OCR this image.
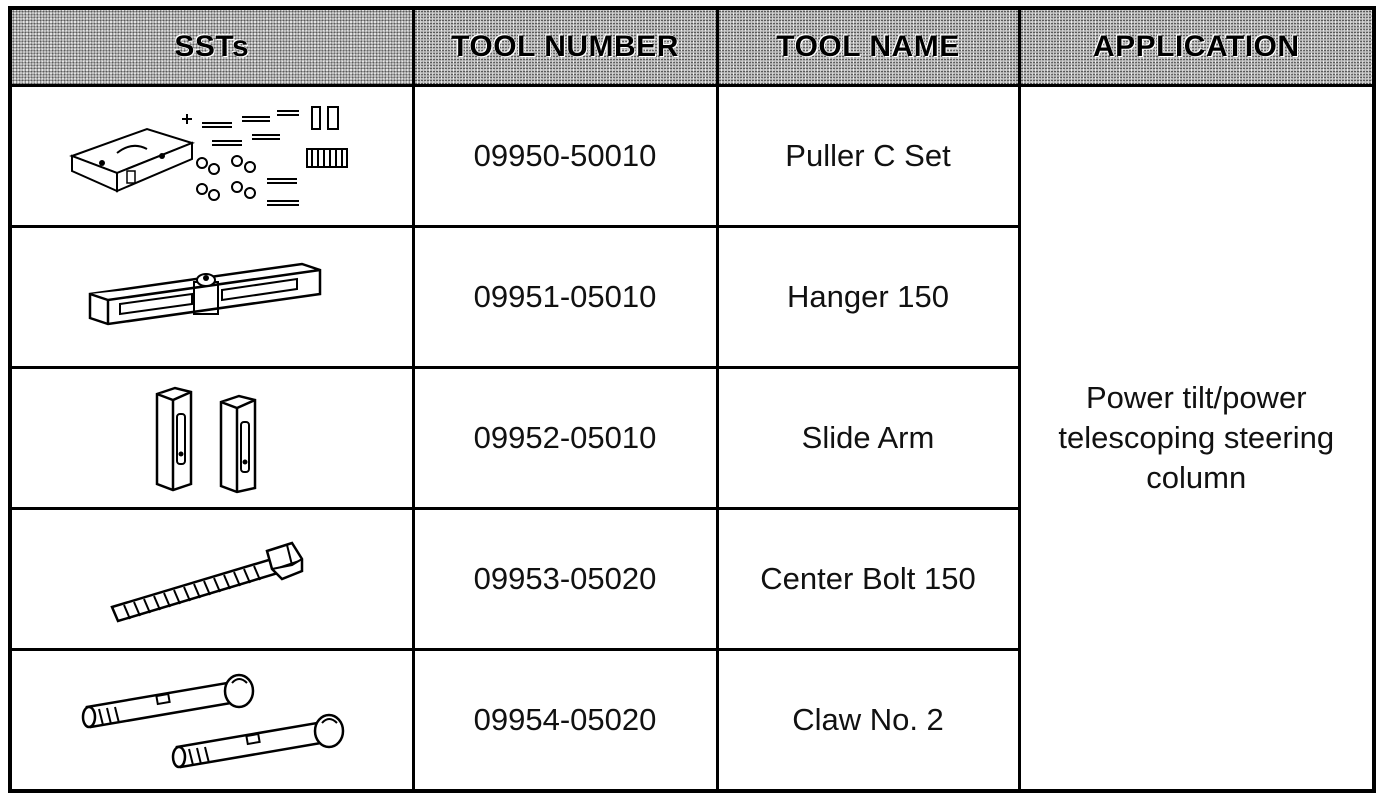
SSTs	TOOL NUMBER	TOOL NAME	APPLICATION

	09950-50010	Puller C Set	Power tilt/power
telescoping steering
column

	09951-05010	Hanger 150	

	09952-05010	Slide Arm	

	09953-05020	Center Bolt 150	

	09954-05020	Claw No. 2	
